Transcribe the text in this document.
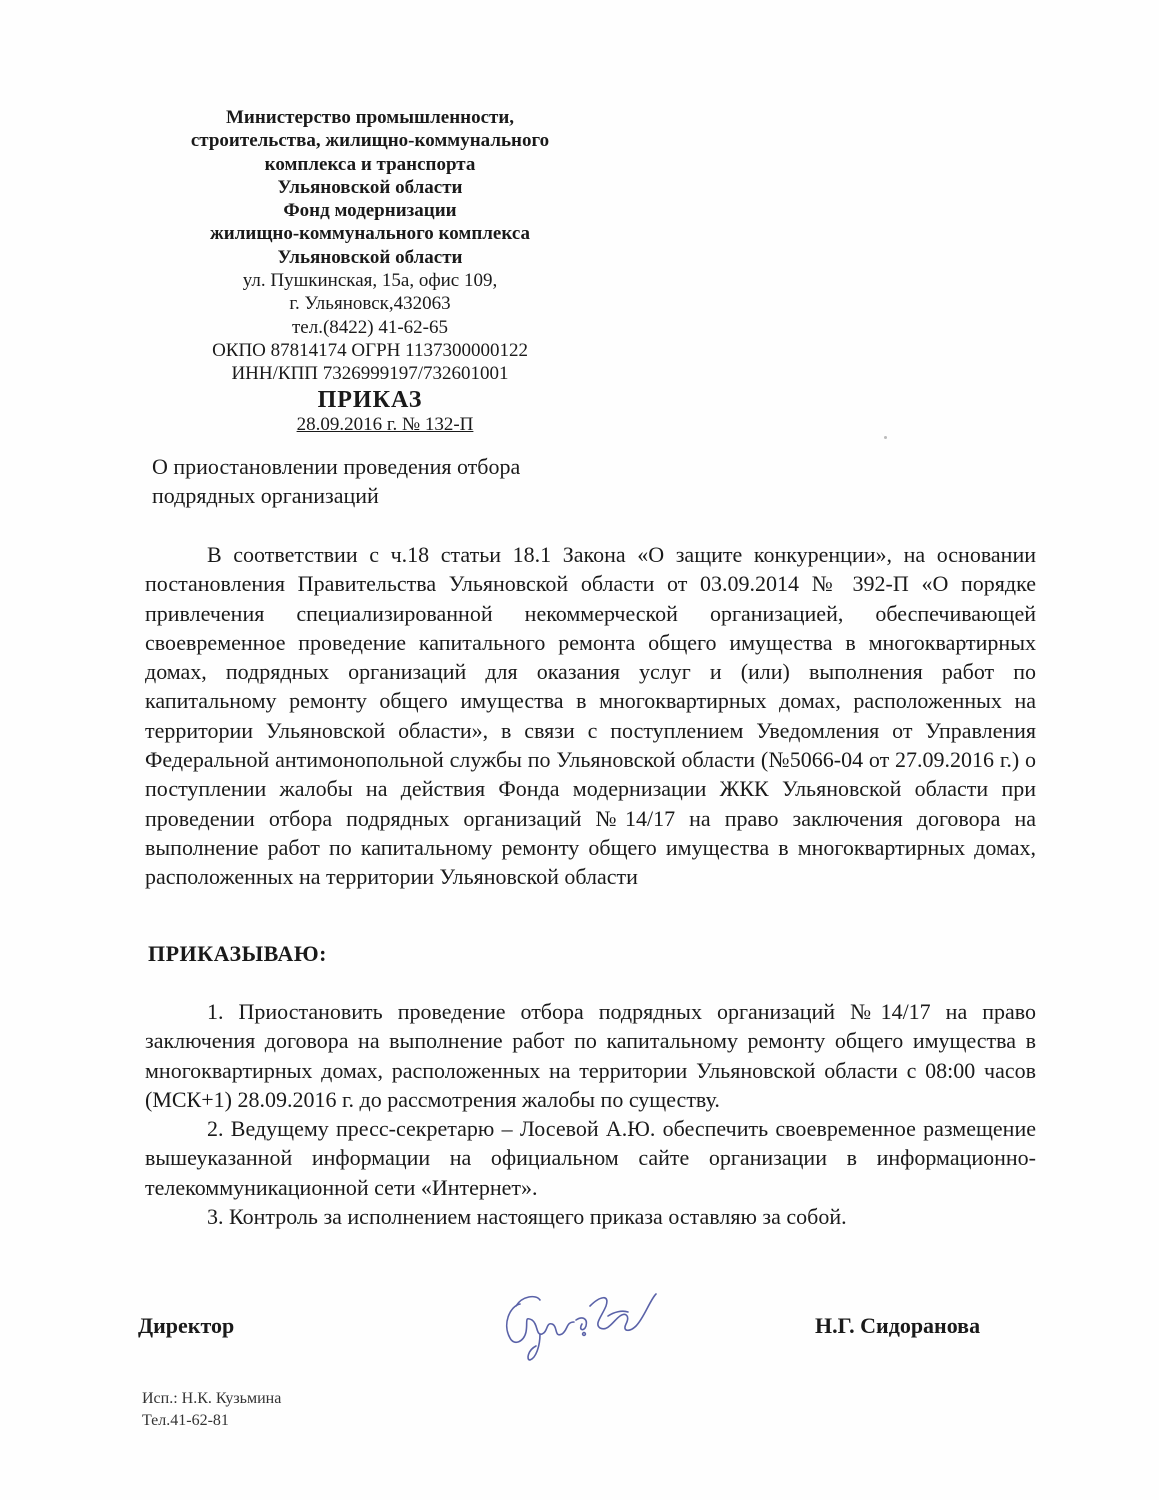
Министерство промышленности,
строительства, жилищно-коммунального
комплекса и транспорта
Ульяновской области
Фонд модернизации
жилищно-коммунального комплекса
Ульяновской области
ул. Пушкинская, 15а, офис 109,
г. Ульяновск,432063
тел.(8422) 41-62-65
ОКПО 87814174 ОГРН 1137300000122
ИНН/КПП 7326999197/732601001
ПРИКАЗ
28.09.2016 г. № 132-П
О приостановлении проведения отбора
подрядных организаций

В соответствии с ч.18 статьи 18.1 Закона «О защите конкуренции», на основании постановления Правительства Ульяновской области от 03.09.2014 № 392-П «О порядке привлечения специализированной некоммерческой организацией, обеспечивающей своевременное проведение капитального ремонта общего имущества в многоквартирных домах, подрядных организаций для оказания услуг и (или) выполнения работ по капитальному ремонту общего имущества в многоквартирных домах, расположенных на территории Ульяновской области», в связи с поступлением Уведомления от Управления Федеральной антимонопольной службы по Ульяновской области (№5066-04 от 27.09.2016 г.) о поступлении жалобы на действия Фонда модернизации ЖКК Ульяновской области при проведении отбора подрядных организаций №14/17 на право заключения договора на выполнение работ по капитальному ремонту общего имущества в многоквартирных домах, расположенных на территории Ульяновской области

ПРИКАЗЫВАЮ:

1. Приостановить проведение отбора подрядных организаций №14/17 на право заключения договора на выполнение работ по капитальному ремонту общего имущества в многоквартирных домах, расположенных на территории Ульяновской области с 08:00 часов (МСК+1) 28.09.2016 г. до рассмотрения жалобы по существу.

2. Ведущему пресс-секретарю – Лосевой А.Ю. обеспечить своевременное размещение вышеуказанной информации на официальном сайте организации в информационно-телекоммуникационной сети «Интернет».

3. Контроль за исполнением настоящего приказа оставляю за собой.

Директор	Н.Г. Сидоранова
Исп.: Н.К. Кузьмина
Тел.41-62-81
